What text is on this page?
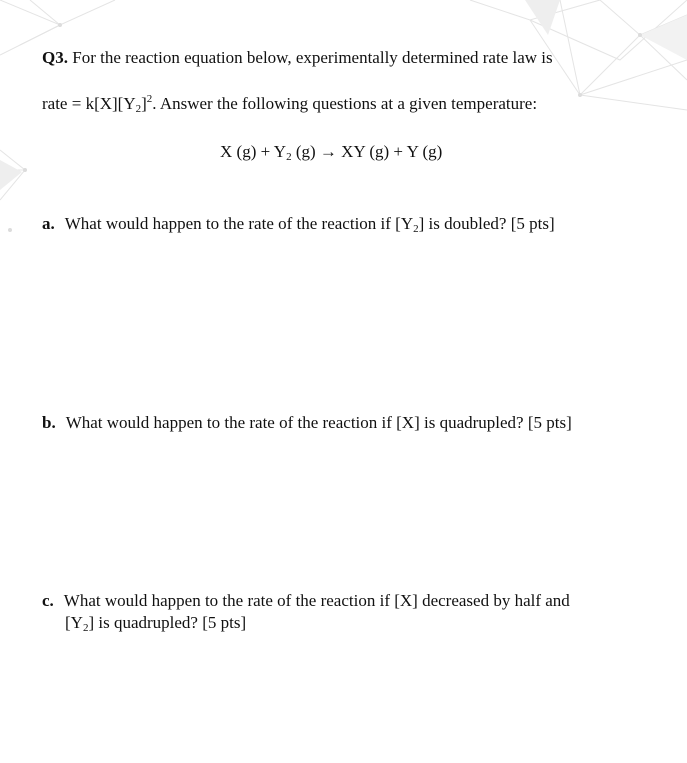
Q3. For the reaction equation below, experimentally determined rate law is
rate = $k[X][Y_2]^2$. Answer the following questions at a given temperature:
X $(g) + Y_2$ (g) → XY (g) + Y (g)
a. What would happen to the rate of the reaction if $[Y_2]$ is doubled? [5 pts]
b. What would happen to the rate of the reaction if [X] is quadrupled? [5 pts]
c. What would happen to the rate of the reaction if [X] decreased by half and
$[Y_2]$ is quadrupled? [5 pts]
